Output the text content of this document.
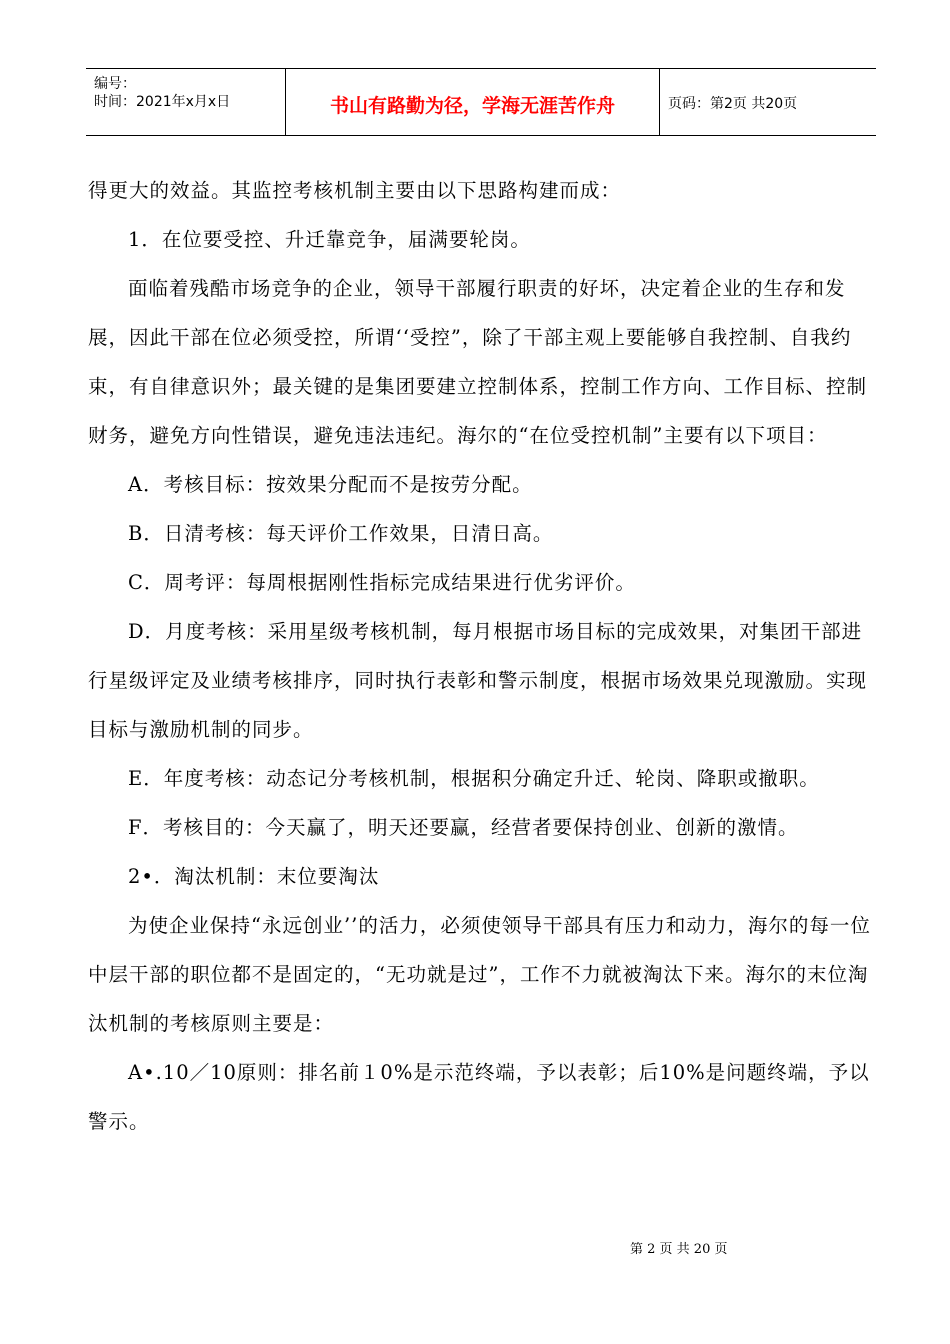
编号：
时间：2021年x月x日	书山有路勤为径，学海无涯苦作舟	页码：第2页 共20页

得更大的效益。其监控考核机制主要由以下思路构建而成：

1．在位要受控、升迁靠竞争，届满要轮岗。

面临着残酷市场竞争的企业，领导干部履行职责的好坏，决定着企业的生存和发展，因此干部在位必须受控，所谓‘‘受控”，除了干部主观上要能够自我控制、自我约束，有自律意识外；最关键的是集团要建立控制体系，控制工作方向、工作目标、控制财务，避免方向性错误，避免违法违纪。海尔的“在位受控机制”主要有以下项目：

A．考核目标：按效果分配而不是按劳分配。

B．日清考核：每天评价工作效果，日清日高。

C．周考评：每周根据刚性指标完成结果进行优劣评价。

D．月度考核：采用星级考核机制，每月根据市场目标的完成效果，对集团干部进行星级评定及业绩考核排序，同时执行表彰和警示制度，根据市场效果兑现激励。实现目标与激励机制的同步。

E．年度考核：动态记分考核机制，根据积分确定升迁、轮岗、降职或撤职。

F．考核目的：今天赢了，明天还要赢，经营者要保持创业、创新的激情。

2•．淘汰机制：末位要淘汰

为使企业保持“永远创业’’的活力，必须使领导干部具有压力和动力，海尔的每一位中层干部的职位都不是固定的，“无功就是过”，工作不力就被淘汰下来。海尔的末位淘汰机制的考核原则主要是：

A•.10／10原则：排名前１0%是示范终端，予以表彰；后10%是问题终端，予以警示。

第 2 页 共 20 页
